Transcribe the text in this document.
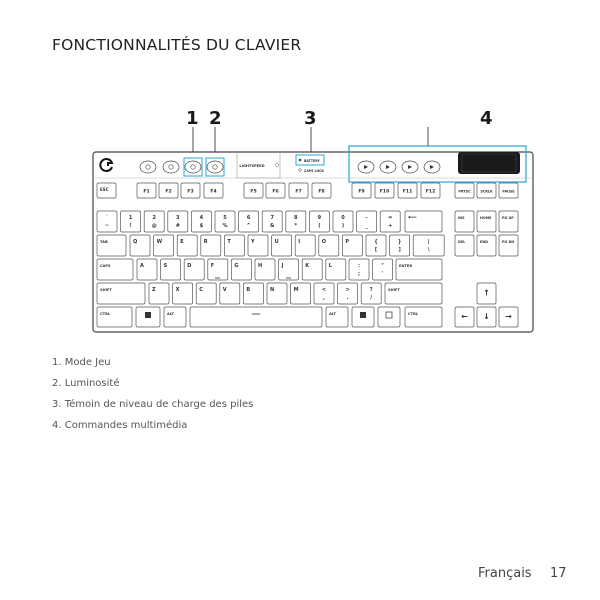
FONCTIONNALITÉS DU CLAVIER
1 2	3	4
LIGHTSPEED
BATTERY
CAPS LOCK
ESC	F1	F2	F3	F4	F5	F6	F7	F8	F9	F10	F11	F12	PRTSC	SCRLK	PAUSE
`
~
1
!
2
@
3
#
4
$
5
%
6
^
7
&
8
*
9
(
0
)
-
_
=
+
⟵	INS	HOME	PG UP
TAB	Q	W	E	R	T	Y	U	I	O	P	{
[
}
]
|
\
DEL	END	PG DN
CAPS	A	S	D	F	G	H	J	K	L	:
;
"
'
ENTER
SHIFT	Z	X	C	V	B	N	M	<
,
>
.
?
/
SHIFT	↑
CTRL	ALT	ALT	CTRL	← ↓ →
1. Mode Jeu
2. Luminosité
3. Témoin de niveau de charge des piles
4. Commandes multimédia
Français 17
